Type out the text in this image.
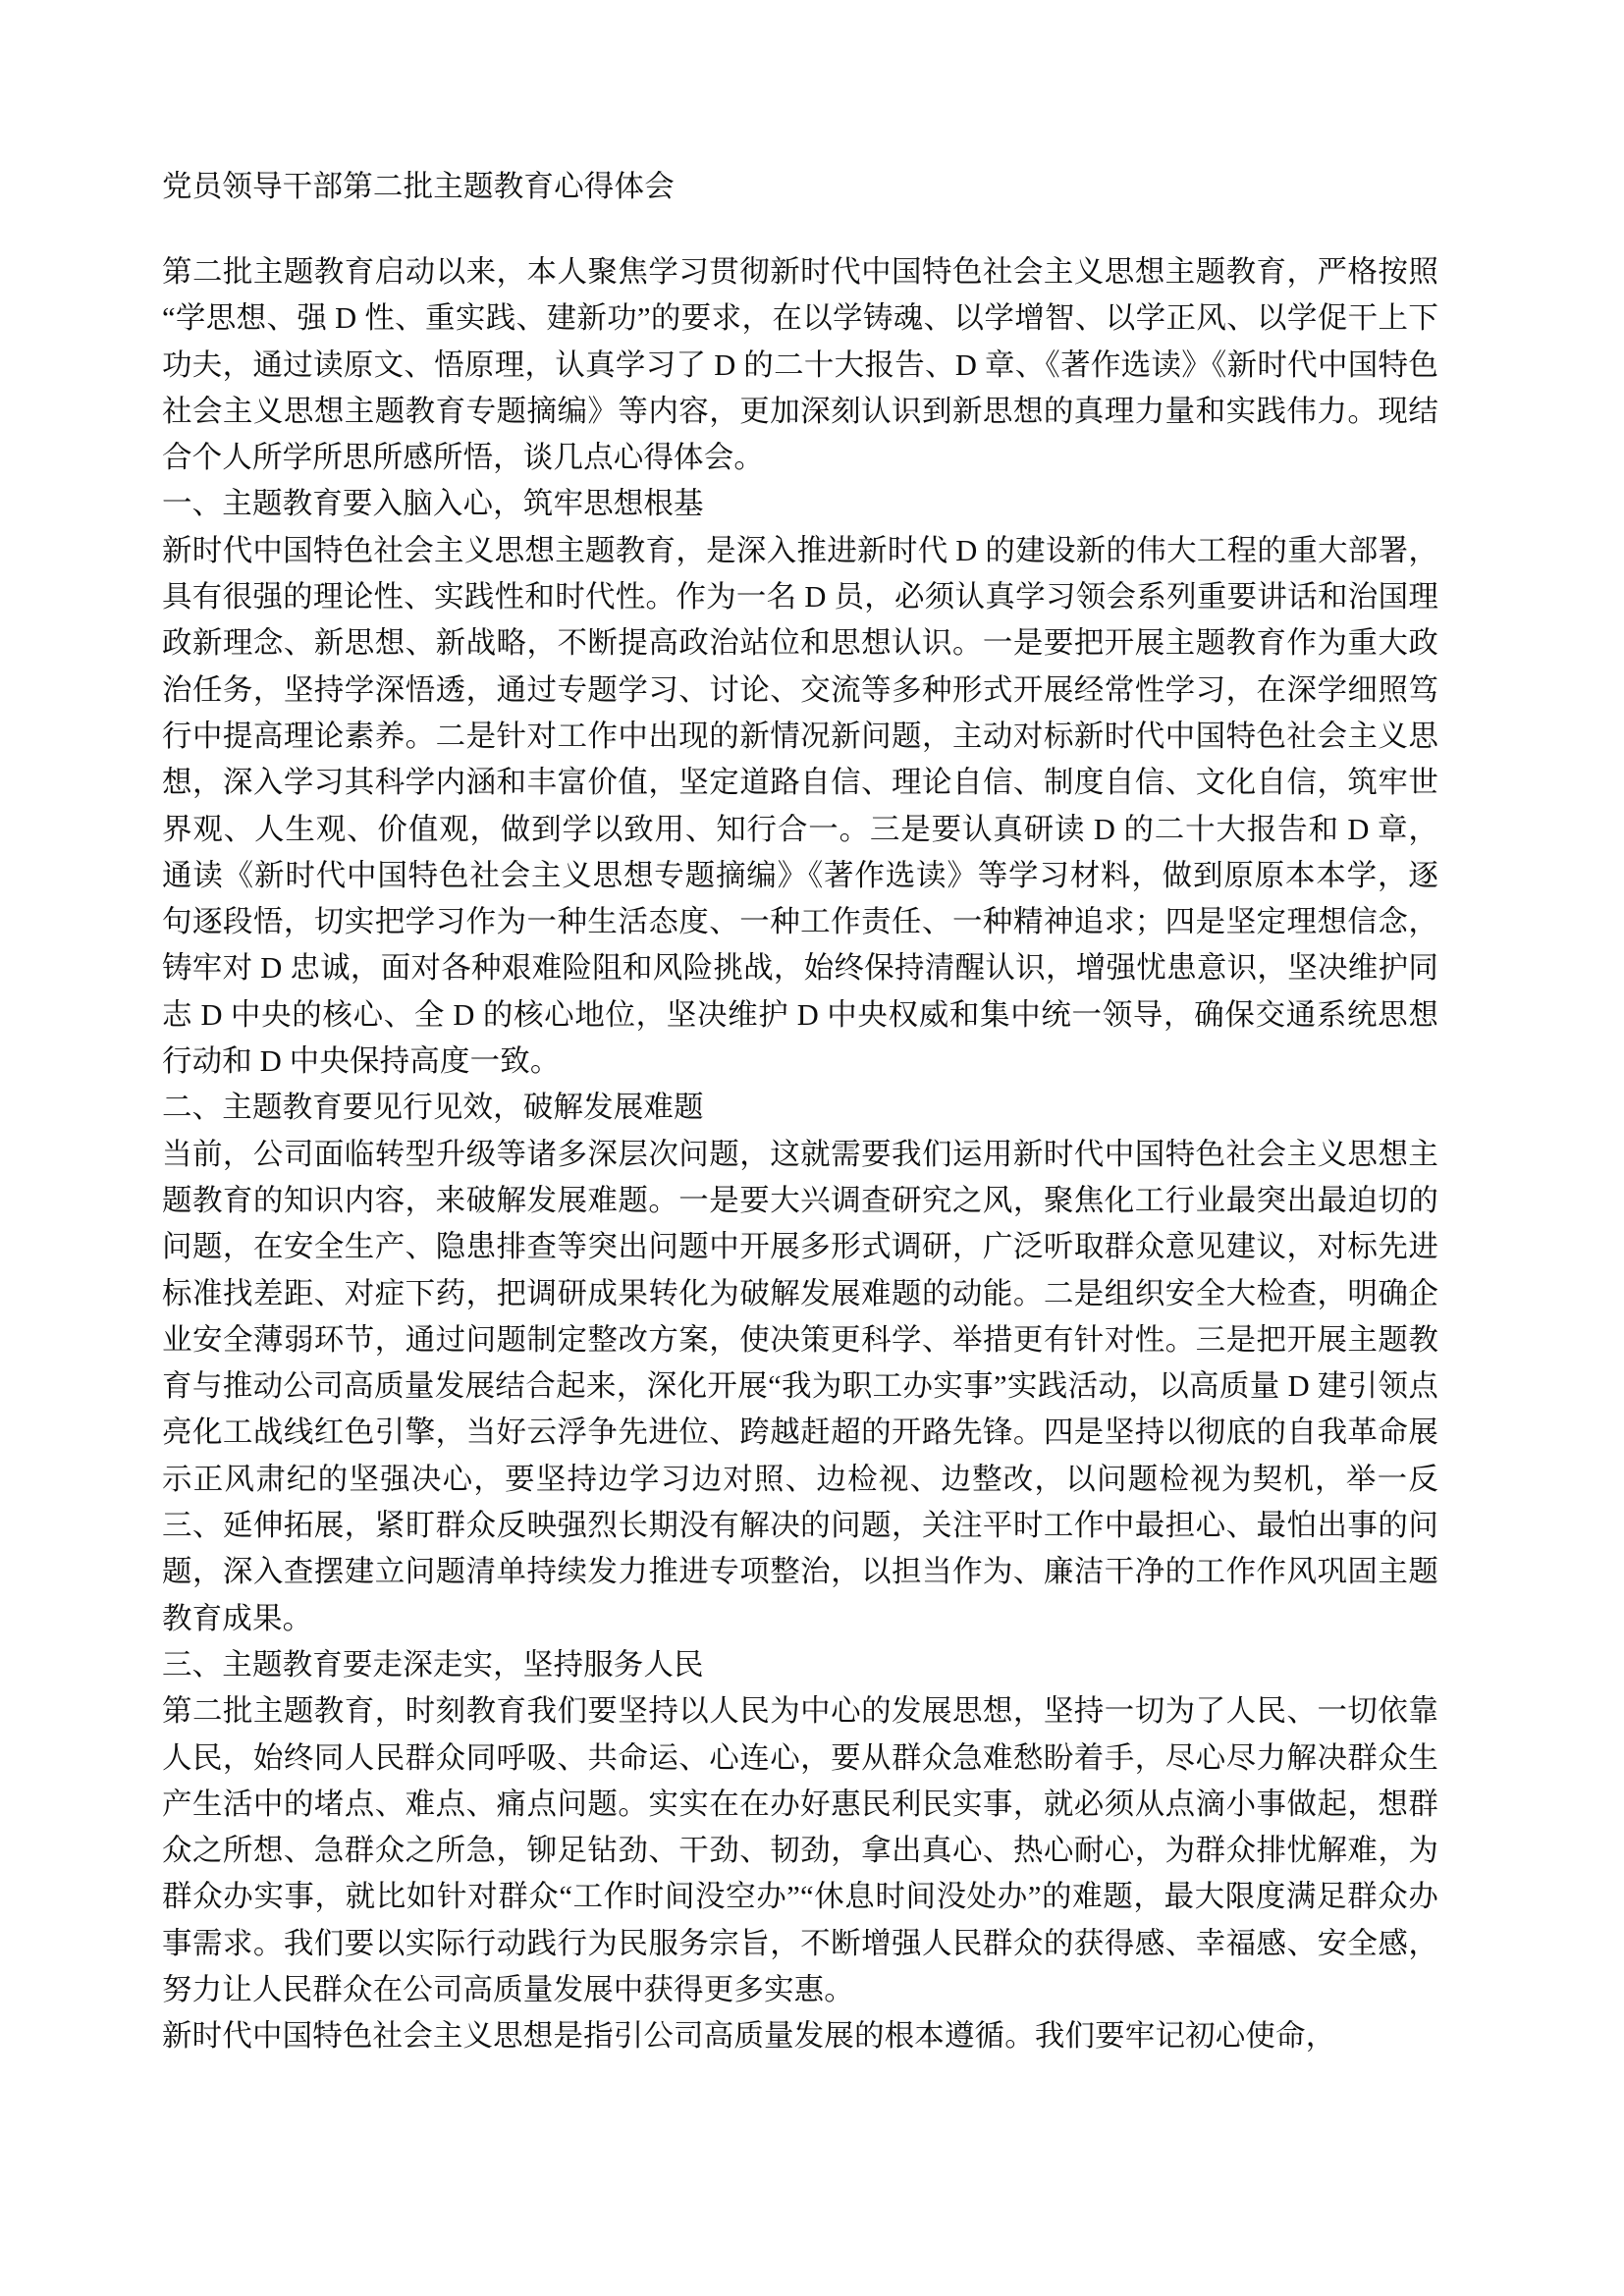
党员领导干部第二批主题教育心得体会

第二批主题教育启动以来，本人聚焦学习贯彻新时代中国特色社会主义思想主题教育，严格按照“学思想、强 D 性、重实践、建新功”的要求，在以学铸魂、以学增智、以学正风、以学促干上下功夫，通过读原文、悟原理，认真学习了 D 的二十大报告、D 章、《著作选读》《新时代中国特色社会主义思想主题教育专题摘编》等内容，更加深刻认识到新思想的真理力量和实践伟力。现结合个人所学所思所感所悟，谈几点心得体会。

一、主题教育要入脑入心，筑牢思想根基

新时代中国特色社会主义思想主题教育，是深入推进新时代 D 的建设新的伟大工程的重大部署，具有很强的理论性、实践性和时代性。作为一名 D 员，必须认真学习领会系列重要讲话和治国理政新理念、新思想、新战略，不断提高政治站位和思想认识。一是要把开展主题教育作为重大政治任务，坚持学深悟透，通过专题学习、讨论、交流等多种形式开展经常性学习，在深学细照笃行中提高理论素养。二是针对工作中出现的新情况新问题，主动对标新时代中国特色社会主义思想，深入学习其科学内涵和丰富价值，坚定道路自信、理论自信、制度自信、文化自信，筑牢世界观、人生观、价值观，做到学以致用、知行合一。三是要认真研读 D 的二十大报告和 D 章，通读《新时代中国特色社会主义思想专题摘编》《著作选读》等学习材料，做到原原本本学，逐句逐段悟，切实把学习作为一种生活态度、一种工作责任、一种精神追求；四是坚定理想信念，铸牢对 D 忠诚，面对各种艰难险阻和风险挑战，始终保持清醒认识，增强忧患意识，坚决维护同志 D 中央的核心、全 D 的核心地位，坚决维护 D 中央权威和集中统一领导，确保交通系统思想行动和 D 中央保持高度一致。

二、主题教育要见行见效，破解发展难题

当前，公司面临转型升级等诸多深层次问题，这就需要我们运用新时代中国特色社会主义思想主题教育的知识内容，来破解发展难题。一是要大兴调查研究之风，聚焦化工行业最突出最迫切的问题，在安全生产、隐患排查等突出问题中开展多形式调研，广泛听取群众意见建议，对标先进标准找差距、对症下药，把调研成果转化为破解发展难题的动能。二是组织安全大检查，明确企业安全薄弱环节，通过问题制定整改方案，使决策更科学、举措更有针对性。三是把开展主题教育与推动公司高质量发展结合起来，深化开展“我为职工办实事”实践活动，以高质量 D 建引领点亮化工战线红色引擎，当好云浮争先进位、跨越赶超的开路先锋。四是坚持以彻底的自我革命展示正风肃纪的坚强决心，要坚持边学习边对照、边检视、边整改，以问题检视为契机，举一反三、延伸拓展，紧盯群众反映强烈长期没有解决的问题，关注平时工作中最担心、最怕出事的问题，深入查摆建立问题清单持续发力推进专项整治，以担当作为、廉洁干净的工作作风巩固主题教育成果。

三、主题教育要走深走实，坚持服务人民

第二批主题教育，时刻教育我们要坚持以人民为中心的发展思想，坚持一切为了人民、一切依靠人民，始终同人民群众同呼吸、共命运、心连心，要从群众急难愁盼着手，尽心尽力解决群众生产生活中的堵点、难点、痛点问题。实实在在办好惠民利民实事，就必须从点滴小事做起，想群众之所想、急群众之所急，铆足钻劲、干劲、韧劲，拿出真心、热心耐心，为群众排忧解难，为群众办实事，就比如针对群众“工作时间没空办”“休息时间没处办”的难题，最大限度满足群众办事需求。我们要以实际行动践行为民服务宗旨，不断增强人民群众的获得感、幸福感、安全感，努力让人民群众在公司高质量发展中获得更多实惠。

新时代中国特色社会主义思想是指引公司高质量发展的根本遵循。我们要牢记初心使命，
